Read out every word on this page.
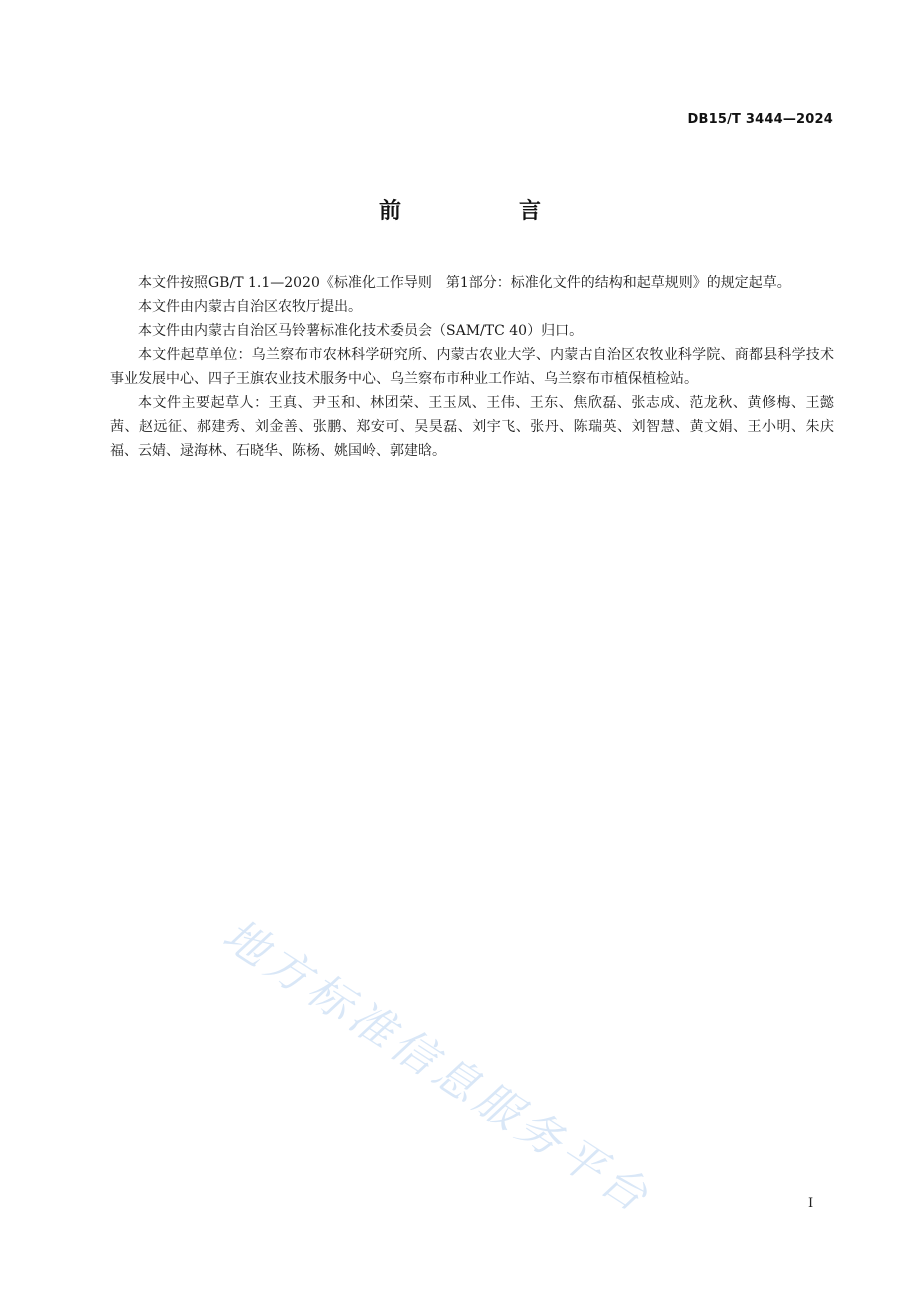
DB15/T 3444—2024
前　言

本文件按照GB/T 1.1—2020《标准化工作导则　第1部分：标准化文件的结构和起草规则》的规定起草。

本文件由内蒙古自治区农牧厅提出。

本文件由内蒙古自治区马铃薯标准化技术委员会（SAM/TC 40）归口。

本文件起草单位：乌兰察布市农林科学研究所、内蒙古农业大学、内蒙古自治区农牧业科学院、商都县科学技术事业发展中心、四子王旗农业技术服务中心、乌兰察布市种业工作站、乌兰察布市植保植检站。

本文件主要起草人：王真、尹玉和、林团荣、王玉凤、王伟、王东、焦欣磊、张志成、范龙秋、黄修梅、王懿茜、赵远征、郝建秀、刘金善、张鹏、郑安可、吴昊磊、刘宇飞、张丹、陈瑞英、刘智慧、黄文娟、王小明、朱庆福、云婧、逯海林、石晓华、陈杨、姚国岭、郭建晗。

地方标准信息服务平台	I
